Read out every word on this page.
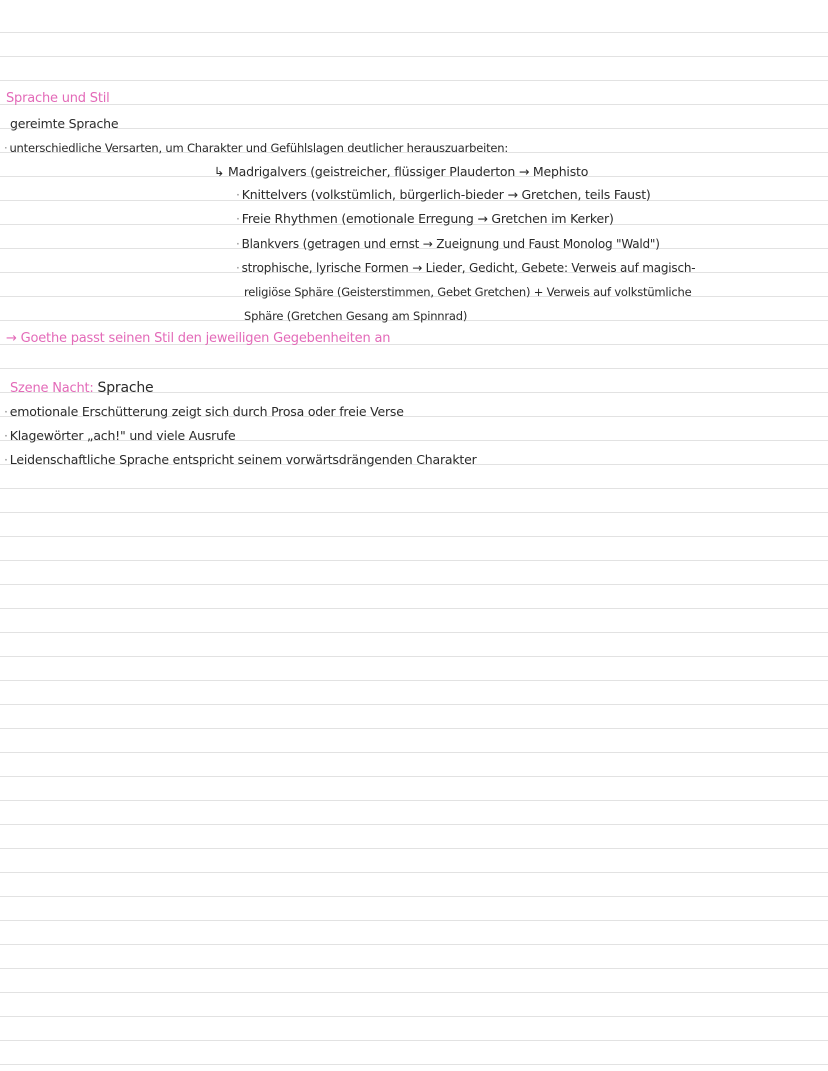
Sprache und Stil
gereimte Sprache
· unterschiedliche Versarten, um Charakter und Gefühlslagen deutlicher herauszuarbeiten:
↳ Madrigalvers (geistreicher, flüssiger Plauderton → Mephisto
· Knittelvers (volkstümlich, bürgerlich-bieder → Gretchen, teils Faust)
· Freie Rhythmen (emotionale Erregung → Gretchen im Kerker)
· Blankvers (getragen und ernst → Zueignung und Faust Monolog "Wald")
· strophische, lyrische Formen → Lieder, Gedicht, Gebete: Verweis auf magisch-
religiöse Sphäre (Geisterstimmen, Gebet Gretchen) + Verweis auf volkstümliche
Sphäre (Gretchen Gesang am Spinnrad)
→ Goethe passt seinen Stil den jeweiligen Gegebenheiten an
Szene Nacht: Sprache
· emotionale Erschütterung zeigt sich durch Prosa oder freie Verse
· Klagewörter „ach!" und viele Ausrufe
· Leidenschaftliche Sprache entspricht seinem vorwärtsdrängenden Charakter
